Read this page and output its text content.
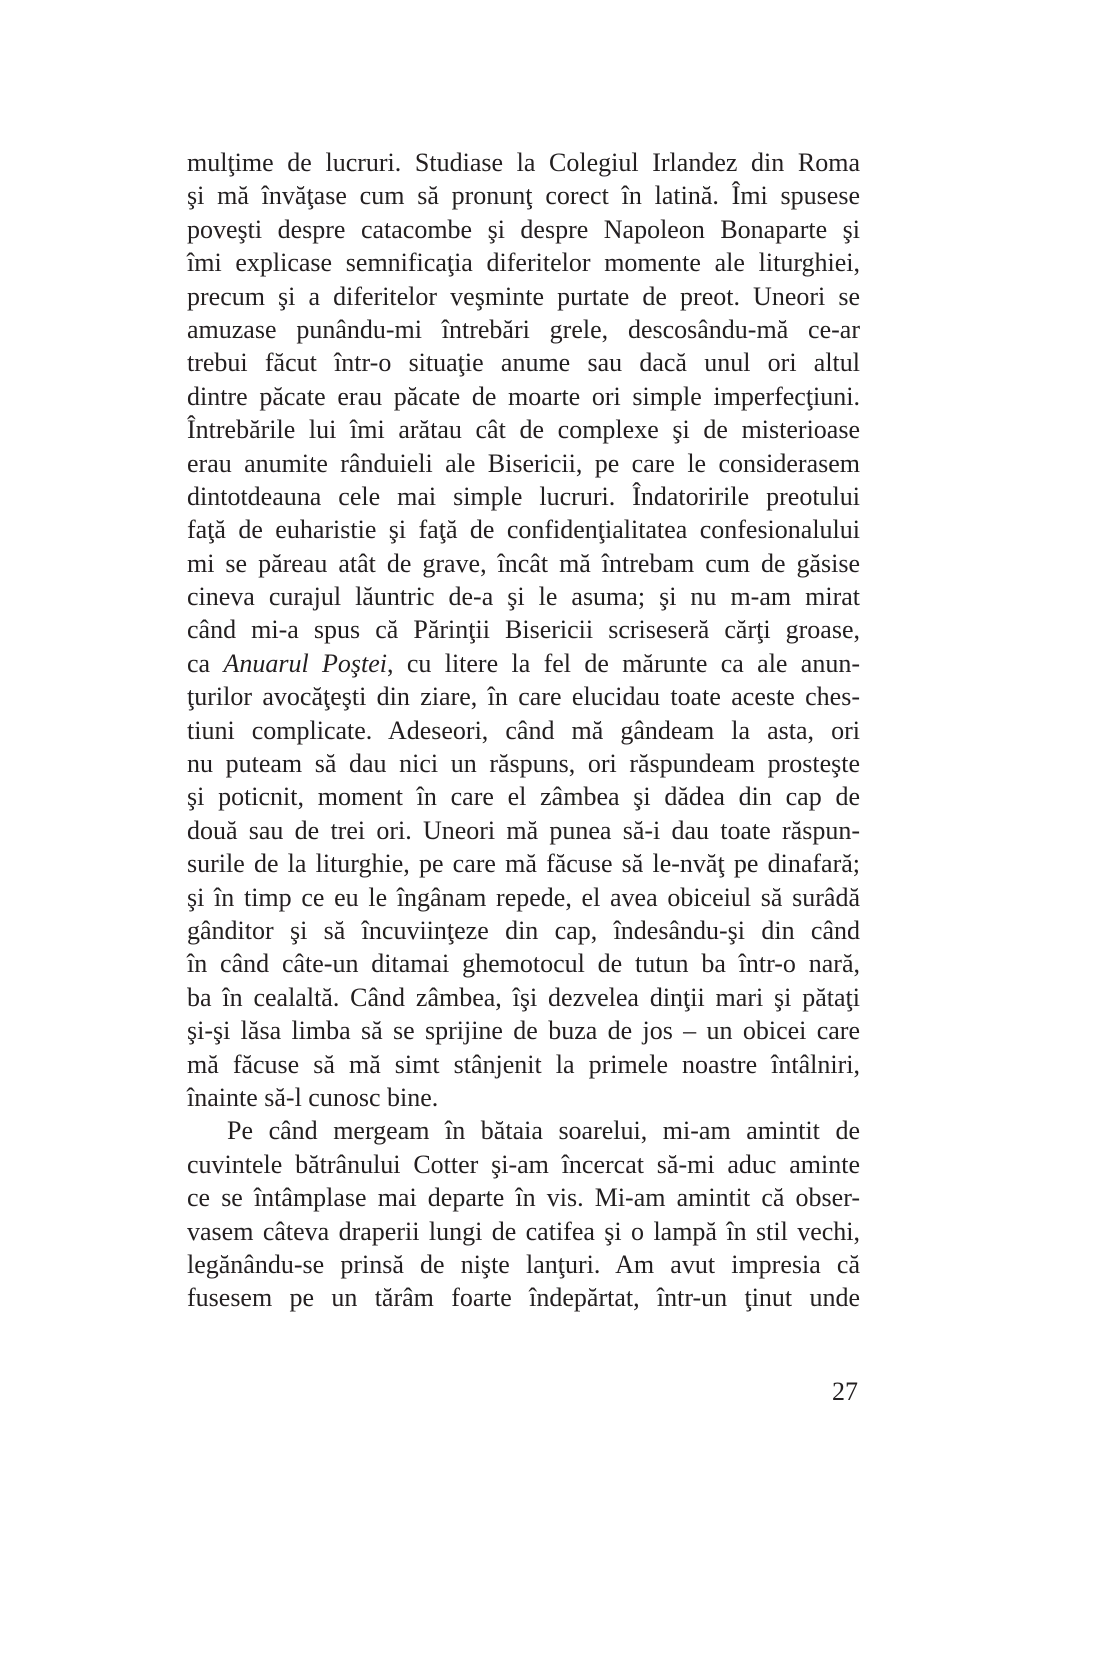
mulţime de lucruri. Studiase la Colegiul Irlandez din Roma
şi mă învăţase cum să pronunţ corect în latină. Îmi spusese
poveşti despre catacombe şi despre Napoleon Bonaparte şi
îmi explicase semnificaţia diferitelor momente ale liturghiei,
precum şi a diferitelor veşminte purtate de preot. Uneori se
amuzase punându-mi întrebări grele, descosându-mă ce-ar
trebui făcut într-o situaţie anume sau dacă unul ori altul
dintre păcate erau păcate de moarte ori simple imperfecţiuni.
Întrebările lui îmi arătau cât de complexe şi de misterioase
erau anumite rânduieli ale Bisericii, pe care le considerasem
dintotdeauna cele mai simple lucruri. Îndatoririle preotului
faţă de euharistie şi faţă de confidenţialitatea confesionalului
mi se păreau atât de grave, încât mă întrebam cum de găsise
cineva curajul lăuntric de-a şi le asuma; şi nu m-am mirat
când mi-a spus că Părinţii Bisericii scriseseră cărţi groase,
ca Anuarul Poştei, cu litere la fel de mărunte ca ale anun-
ţurilor avocăţeşti din ziare, în care elucidau toate aceste ches-
tiuni complicate. Adeseori, când mă gândeam la asta, ori
nu puteam să dau nici un răspuns, ori răspundeam prosteşte
şi poticnit, moment în care el zâmbea şi dădea din cap de
două sau de trei ori. Uneori mă punea să-i dau toate răspun-
surile de la liturghie, pe care mă făcuse să le-nvăţ pe dinafară;
şi în timp ce eu le îngânam repede, el avea obiceiul să surâdă
gânditor şi să încuviinţeze din cap, îndesându-şi din când
în când câte-un ditamai ghemotocul de tutun ba într-o nară,
ba în cealaltă. Când zâmbea, îşi dezvelea dinţii mari şi pătaţi
şi-şi lăsa limba să se sprijine de buza de jos – un obicei care
mă făcuse să mă simt stânjenit la primele noastre întâlniri,
înainte să-l cunosc bine.
Pe când mergeam în bătaia soarelui, mi-am amintit de
cuvintele bătrânului Cotter şi-am încercat să-mi aduc aminte
ce se întâmplase mai departe în vis. Mi-am amintit că obser-
vasem câteva draperii lungi de catifea şi o lampă în stil vechi,
legănându-se prinsă de nişte lanţuri. Am avut impresia că
fusesem pe un tărâm foarte îndepărtat, într-un ţinut unde
27
